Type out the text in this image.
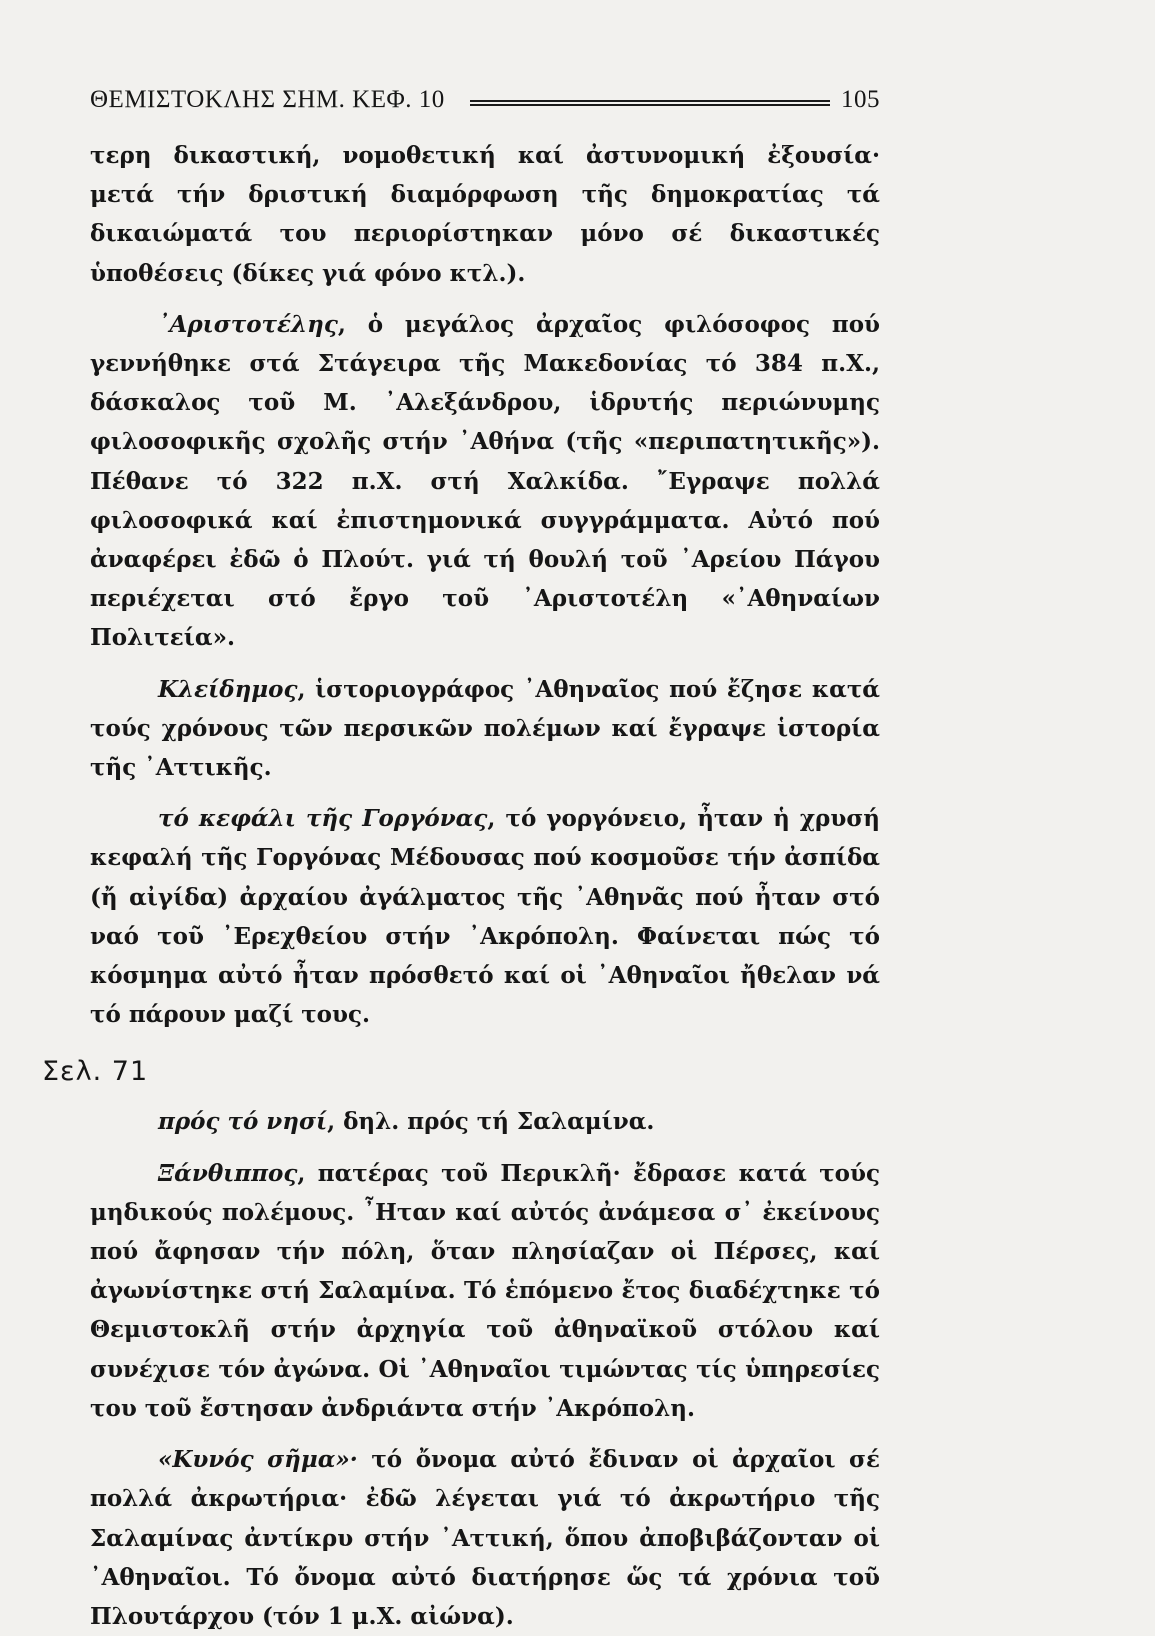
ΘΕΜΙΣΤΟΚΛΗΣ ΣΗΜ. ΚΕΦ. 10	105

τερη δικαστική, νομοθετική καί ἀστυνομική ἐξουσία· μετά τήν δριστική διαμόρφωση τῆς δημοκρατίας τά δικαιώματά του περιορίστηκαν μόνο σέ δικαστικές ὑποθέσεις (δίκες γιά φόνο κτλ.).

᾿Αριστοτέλης, ὁ μεγάλος ἀρχαῖος φιλόσοφος πού γεννήθηκε στά Στάγειρα τῆς Μακεδονίας τό 384 π.Χ., δάσκαλος τοῦ Μ. ᾿Αλεξάνδρου, ἱδρυτής περιώνυμης φιλοσοφικῆς σχολῆς στήν ᾿Αθήνα (τῆς «περιπατητικῆς»). Πέθανε τό 322 π.Χ. στή Χαλκίδα. ῎Εγραψε πολλά φιλοσοφικά καί ἐπιστημονικά συγγράμματα. Αὐτό πού ἀναφέρει ἐδῶ ὁ Πλούτ. γιά τή θουλή τοῦ ᾿Αρείου Πάγου περιέχεται στό ἔργο τοῦ ᾿Αριστοτέλη «᾿Αθηναίων Πολιτεία».

Κλείδημος, ἱστοριογράφος ᾿Αθηναῖος πού ἔζησε κατά τούς χρόνους τῶν περσικῶν πολέμων καί ἔγραψε ἱστορία τῆς ᾿Αττικῆς.

τό κεφάλι τῆς Γοργόνας, τό γοργόνειο, ἦταν ἡ χρυσή κεφαλή τῆς Γοργόνας Μέδουσας πού κοσμοῦσε τήν ἀσπίδα (ἤ αἰγίδα) ἀρχαίου ἀγάλματος τῆς ᾿Αθηνᾶς πού ἦταν στό ναό τοῦ ᾿Ερεχθείου στήν ᾿Ακρόπολη. Φαίνεται πώς τό κόσμημα αὐτό ἦταν πρόσθετό καί οἱ ᾿Αθηναῖοι ἤθελαν νά τό πάρουν μαζί τους.

Σελ. 71

πρός τό νησί, δηλ. πρός τή Σαλαμίνα.

Ξάνθιππος, πατέρας τοῦ Περικλῆ· ἔδρασε κατά τούς μηδικούς πολέμους. ῏Ηταν καί αὐτός ἀνάμεσα σ᾿ ἐκείνους πού ἄφησαν τήν πόλη, ὅταν πλησίαζαν οἱ Πέρσες, καί ἀγωνίστηκε στή Σαλαμίνα. Τό ἑπόμενο ἔτος διαδέχτηκε τό Θεμιστοκλῆ στήν ἀρχηγία τοῦ ἀθηναϊκοῦ στόλου καί συνέχισε τόν ἀγώνα. Οἱ ᾿Αθηναῖοι τιμώντας τίς ὑπηρεσίες του τοῦ ἔστησαν ἀνδριάντα στήν ᾿Ακρόπολη.

«Κυνός σῆμα»· τό ὄνομα αὐτό ἔδιναν οἱ ἀρχαῖοι σέ πολλά ἀκρωτήρια· ἐδῶ λέγεται γιά τό ἀκρωτήριο τῆς Σαλαμίνας ἀντίκρυ στήν ᾿Αττική, ὅπου ἀποβιβάζονταν οἱ ᾿Αθηναῖοι. Τό ὄνομα αὐτό διατήρησε ὥς τά χρόνια τοῦ Πλουτάρχου (τόν 1 μ.Χ. αἰώνα).
